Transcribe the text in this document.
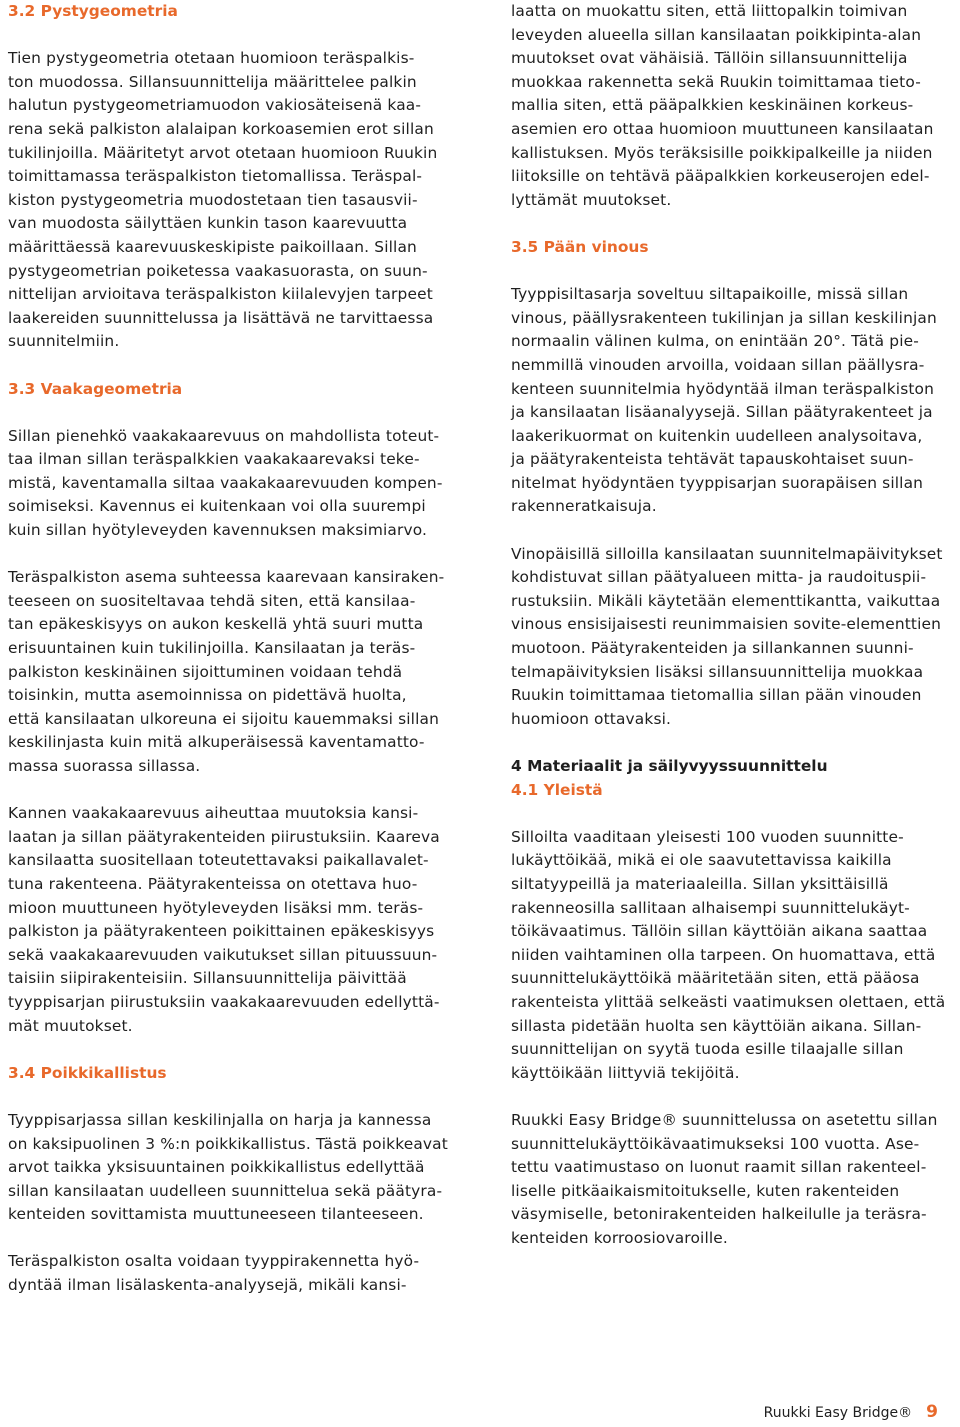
3.2 Pystygeometria
Tien pystygeometria otetaan huomioon teräspalkis-
ton muodossa. Sillansuunnittelija määrittelee palkin
halutun pystygeometriamuodon vakiosäteisenä kaa-
rena sekä palkiston alalaipan korkoasemien erot sillan
tukilinjoilla. Määritetyt arvot otetaan huomioon Ruukin
toimittamassa teräspalkiston tietomallissa. Teräspal-
kiston pystygeometria muodostetaan tien tasausvii-
van muodosta säilyttäen kunkin tason kaarevuutta
määrittäessä kaarevuuskeskipiste paikoillaan. Sillan
pystygeometrian poiketessa vaakasuorasta, on suun-
nittelijan arvioitava teräspalkiston kiilalevyjen tarpeet
laakereiden suunnittelussa ja lisättävä ne tarvittaessa
suunnitelmiin.
3.3 Vaakageometria
Sillan pienehkö vaakakaarevuus on mahdollista toteut-
taa ilman sillan teräspalkkien vaakakaarevaksi teke-
mistä, kaventamalla siltaa vaakakaarevuuden kompen-
soimiseksi. Kavennus ei kuitenkaan voi olla suurempi
kuin sillan hyötyleveyden kavennuksen maksimiarvo.
Teräspalkiston asema suhteessa kaarevaan kansiraken-
teeseen on suositeltavaa tehdä siten, että kansilaa-
tan epäkeskisyys on aukon keskellä yhtä suuri mutta
erisuuntainen kuin tukilinjoilla. Kansilaatan ja teräs-
palkiston keskinäinen sijoittuminen voidaan tehdä
toisinkin, mutta asemoinnissa on pidettävä huolta,
että kansilaatan ulkoreuna ei sijoitu kauemmaksi sillan
keskilinjasta kuin mitä alkuperäisessä kaventamatto-
massa suorassa sillassa.
Kannen vaakakaarevuus aiheuttaa muutoksia kansi-
laatan ja sillan päätyrakenteiden piirustuksiin. Kaareva
kansilaatta suositellaan toteutettavaksi paikallavalet-
tuna rakenteena. Päätyrakenteissa on otettava huo-
mioon muuttuneen hyötyleveyden lisäksi mm. teräs-
palkiston ja päätyrakenteen poikittainen epäkeskisyys
sekä vaakakaarevuuden vaikutukset sillan pituussuun-
taisiin siipirakenteisiin. Sillansuunnittelija päivittää
tyyppisarjan piirustuksiin vaakakaarevuuden edellyttä-
mät muutokset.
3.4 Poikkikallistus
Tyyppisarjassa sillan keskilinjalla on harja ja kannessa
on kaksipuolinen 3 %:n poikkikallistus. Tästä poikkeavat
arvot taikka yksisuuntainen poikkikallistus edellyttää
sillan kansilaatan uudelleen suunnittelua sekä päätyra-
kenteiden sovittamista muuttuneeseen tilanteeseen.
Teräspalkiston osalta voidaan tyyppirakennetta hyö-
dyntää ilman lisälaskenta-analyysejä, mikäli kansi-
laatta on muokattu siten, että liittopalkin toimivan
leveyden alueella sillan kansilaatan poikkipinta-alan
muutokset ovat vähäisiä. Tällöin sillansuunnittelija
muokkaa rakennetta sekä Ruukin toimittamaa tieto-
mallia siten, että pääpalkkien keskinäinen korkeus-
asemien ero ottaa huomioon muuttuneen kansilaatan
kallistuksen. Myös teräksisille poikkipalkeille ja niiden
liitoksille on tehtävä pääpalkkien korkeuserojen edel-
lyttämät muutokset.
3.5 Pään vinous
Tyyppisiltasarja soveltuu siltapaikoille, missä sillan
vinous, päällysrakenteen tukilinjan ja sillan keskilinjan
normaalin välinen kulma, on enintään 20°. Tätä pie-
nemmillä vinouden arvoilla, voidaan sillan päällysra-
kenteen suunnitelmia hyödyntää ilman teräspalkiston
ja kansilaatan lisäanalyysejä. Sillan päätyrakenteet ja
laakerikuormat on kuitenkin uudelleen analysoitava,
ja päätyrakenteista tehtävät tapauskohtaiset suun-
nitelmat hyödyntäen tyyppisarjan suorapäisen sillan
rakenneratkaisuja.
Vinopäisillä silloilla kansilaatan suunnitelmapäivitykset
kohdistuvat sillan päätyalueen mitta- ja raudoituspii-
rustuksiin. Mikäli käytetään elementtikantta, vaikuttaa
vinous ensisijaisesti reunimmaisien sovite-elementtien
muotoon. Päätyrakenteiden ja sillankannen suunni-
telmapäivityksien lisäksi sillansuunnittelija muokkaa
Ruukin toimittamaa tietomallia sillan pään vinouden
huomioon ottavaksi.
4 Materiaalit ja säilyvyyssuunnittelu
4.1 Yleistä
Silloilta vaaditaan yleisesti 100 vuoden suunnitte-
lukäyttöikää, mikä ei ole saavutettavissa kaikilla
siltatyypeillä ja materiaaleilla. Sillan yksittäisillä
rakenneosilla sallitaan alhaisempi suunnittelukäyt-
töikävaatimus. Tällöin sillan käyttöiän aikana saattaa
niiden vaihtaminen olla tarpeen. On huomattava, että
suunnittelukäyttöikä määritetään siten, että pääosa
rakenteista ylittää selkeästi vaatimuksen olettaen, että
sillasta pidetään huolta sen käyttöiän aikana. Sillan-
suunnittelijan on syytä tuoda esille tilaajalle sillan
käyttöikään liittyviä tekijöitä.
Ruukki Easy Bridge® suunnittelussa on asetettu sillan
suunnittelukäyttöikävaatimukseksi 100 vuotta. Ase-
tettu vaatimustaso on luonut raamit sillan rakenteel-
liselle pitkäaikaismitoitukselle, kuten rakenteiden
väsymiselle, betonirakenteiden halkeilulle ja teräsra-
kenteiden korroosiovaroille.
Ruukki Easy Bridge® 9
